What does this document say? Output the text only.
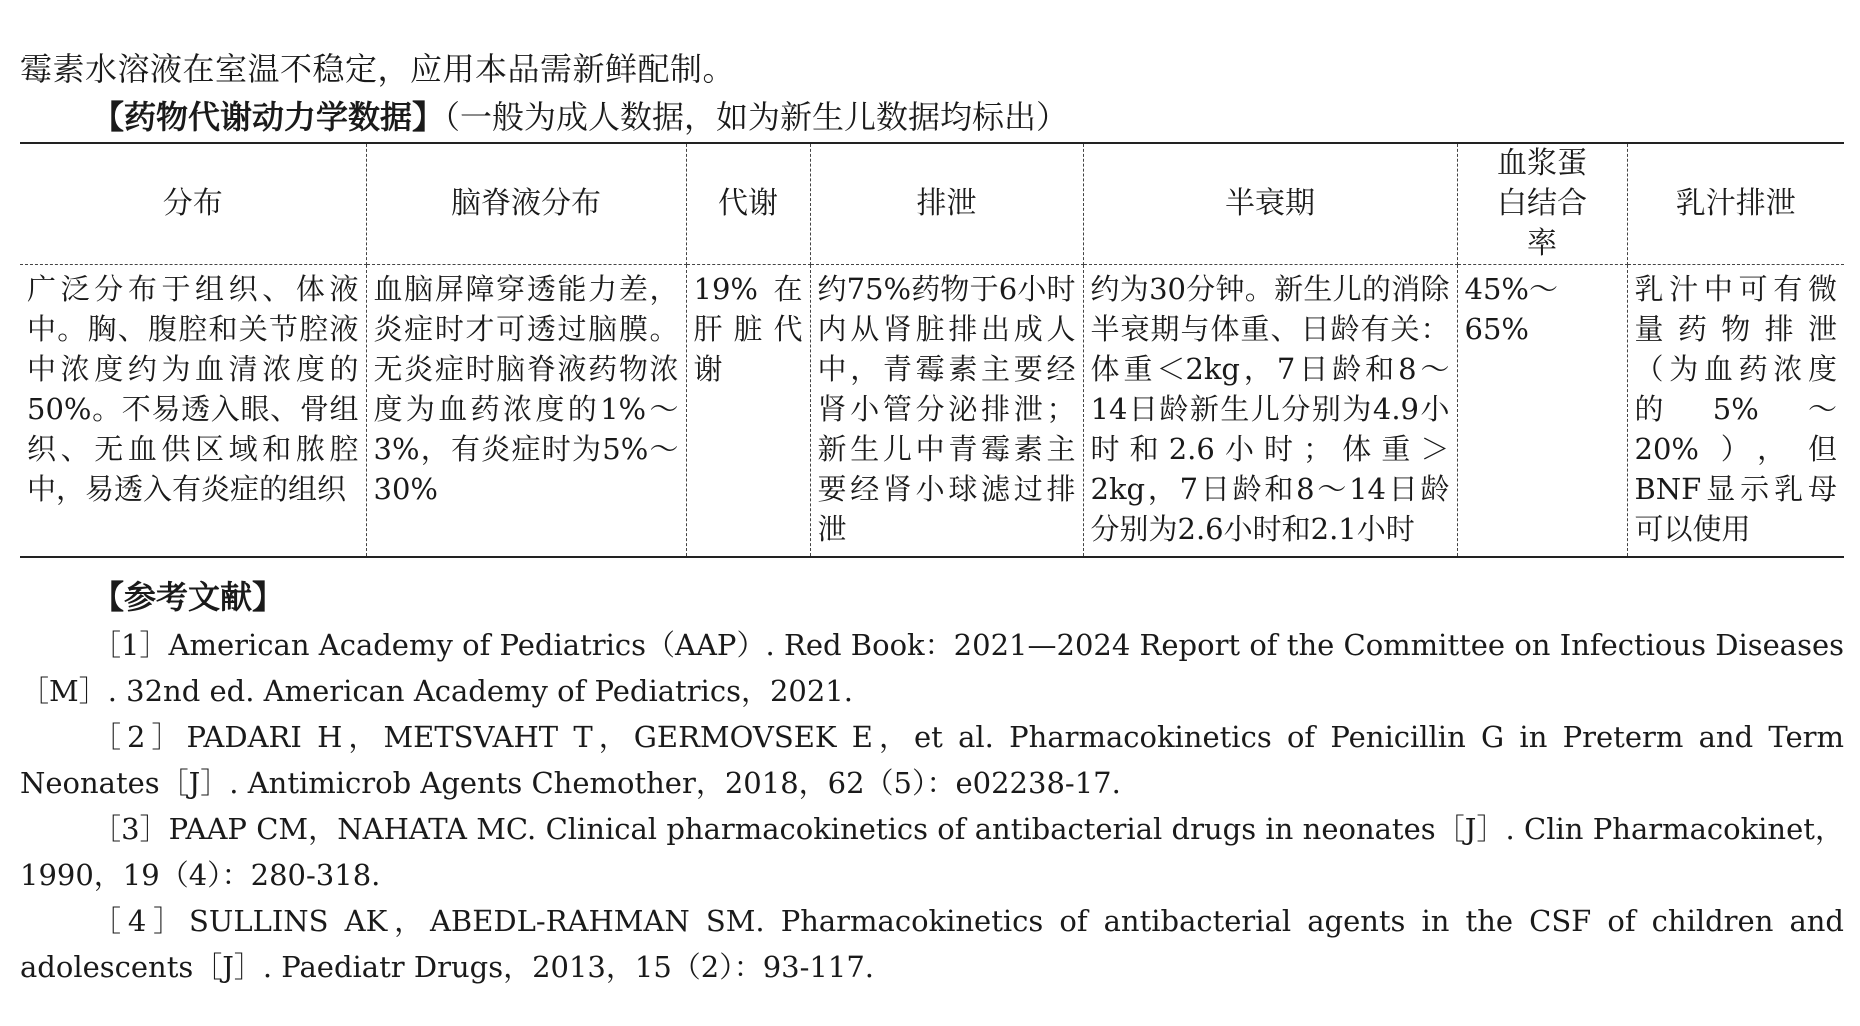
霉素水溶液在室温不稳定，应用本品需新鲜配制。
【药物代谢动力学数据】（一般为成人数据，如为新生儿数据均标出）
分布	脑脊液分布	代谢	排泄	半衰期	血浆蛋白结合率	乳汁排泄
广泛分布于组织、体液中。胸、腹腔和关节腔液中浓度约为血清浓度的50%。不易透入眼、骨组织、无血供区域和脓腔中，易透入有炎症的组织	血脑屏障穿透能力差，炎症时才可透过脑膜。无炎症时脑脊液药物浓度为血药浓度的1%～3%，有炎症时为5%～30%	19%在肝脏代谢	约75%药物于6小时内从肾脏排出成人中，青霉素主要经肾小管分泌排泄；新生儿中青霉素主要经肾小球滤过排泄	约为30分钟。新生儿的消除半衰期与体重、日龄有关：体重＜2kg，7日龄和8～14日龄新生儿分别为4.9小时和2.6小时；体重＞2kg，7日龄和8～14日龄分别为2.6小时和2.1小时	45%～65%	乳汁中可有微量药物排泄（为血药浓度的5%～20%），但BNF显示乳母可以使用
【参考文献】

［1］American Academy of Pediatrics（AAP）. Red Book：2021—2024 Report of the Committee on Infectious Diseases［M］. 32nd ed. American Academy of Pediatrics，2021.

［2］PADARI H，METSVAHT T，GERMOVSEK E，et al. Pharmacokinetics of Penicillin G in Preterm and Term Neonates［J］. Antimicrob Agents Chemother，2018，62（5）：e02238-17.

［3］PAAP CM，NAHATA MC. Clinical pharmacokinetics of antibacterial drugs in neonates［J］. Clin Pharmacokinet，1990，19（4）：280-318.

［4］SULLINS AK，ABEDL-RAHMAN SM. Pharmacokinetics of antibacterial agents in the CSF of children and adolescents［J］. Paediatr Drugs，2013，15（2）：93-117.
